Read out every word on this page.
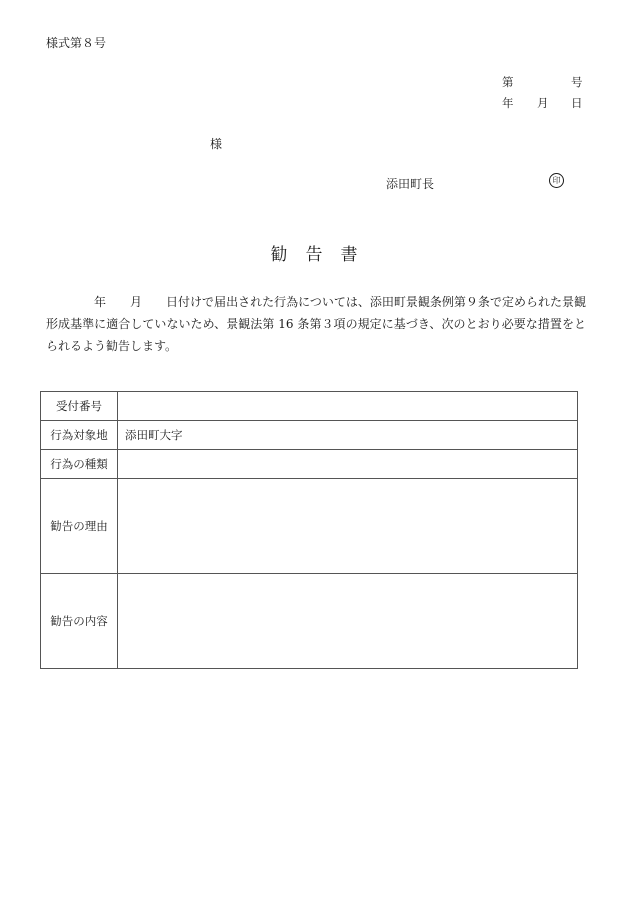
様式第８号
第	号
年 月 日
様
添田町長	印
勧 告 書
年 月 日付けで届出された行為については、添田町景観条例第９条で定められた景観形成基準に適合していないため、景観法第 16 条第３項の規定に基づき、次のとおり必要な措置をとられるよう勧告します。
受付番号	
行為対象地	添田町大字
行為の種類	
勧告の理由	
勧告の内容	
